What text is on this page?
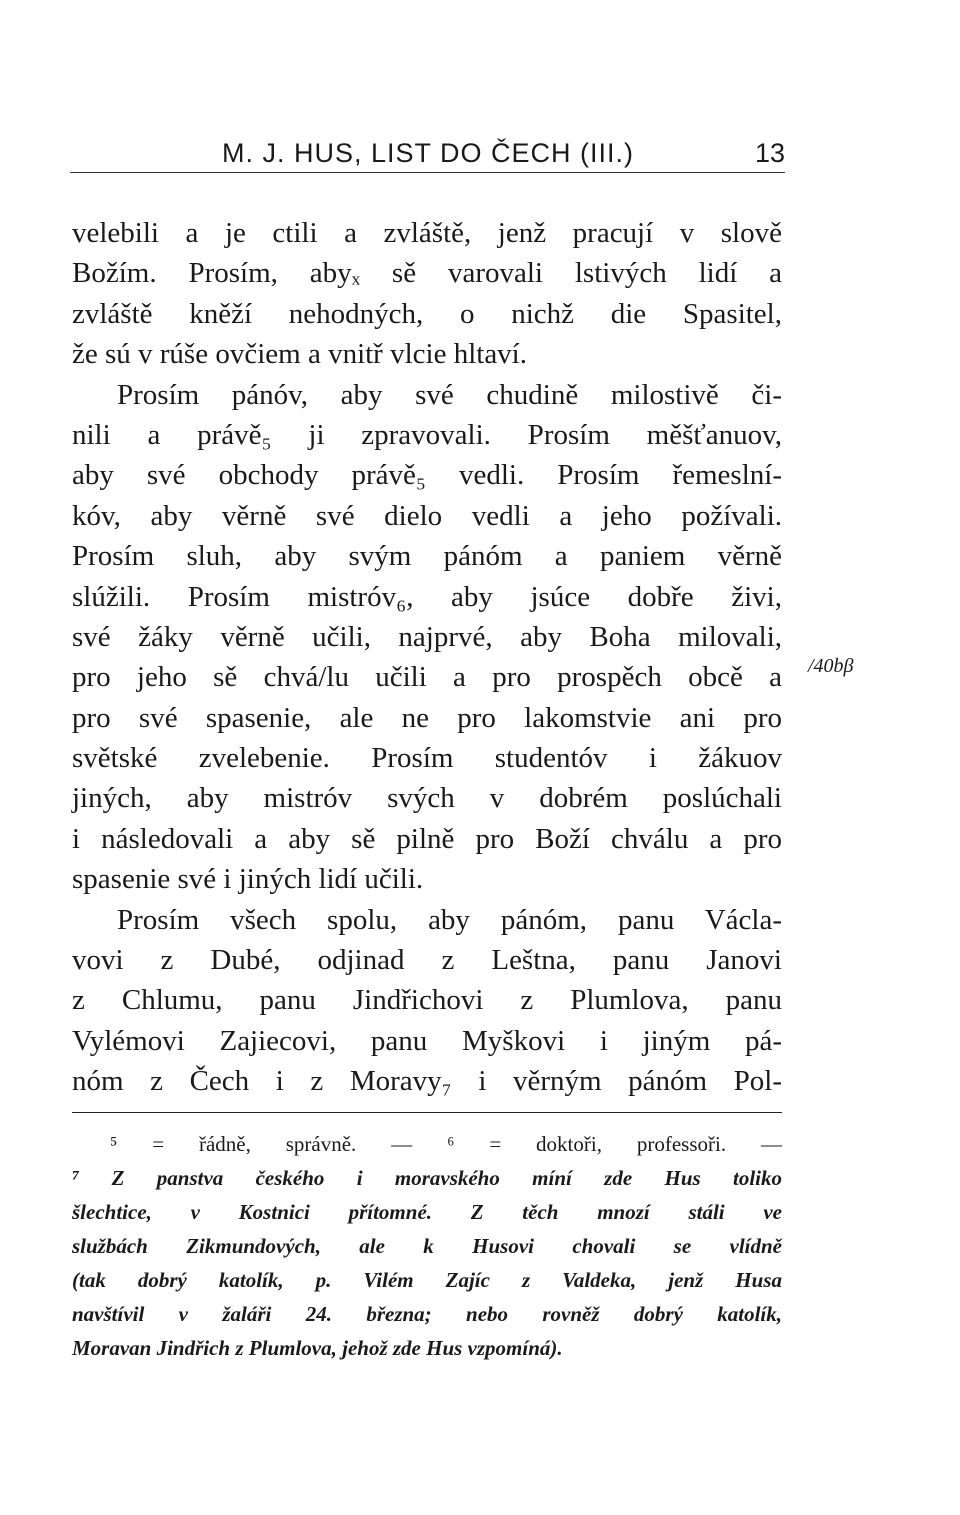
M. J. HUS, LIST DO ČECH (III.)	13
velebili a je ctili a zvláště, jenž pracují v slově
Božím. Prosím, abyₓ sě varovali lstivých lidí a
zvláště kněží nehodných, o nichž die Spasitel,
že sú v rúše ovčiem a vnitř vlcie hltaví.
Prosím pánóv, aby své chudině milostivě či-
nili a právě₅ ji zpravovali. Prosím měšťanuov,
aby své obchody právě₅ vedli. Prosím řemeslní-
kóv, aby věrně své dielo vedli a jeho požívali.
Prosím sluh, aby svým pánóm a paniem věrně
slúžili. Prosím mistróv₆, aby jsúce dobře živi,
své žáky věrně učili, najprvé, aby Boha milovali,
pro jeho sě chvá/lu učili a pro prospěch obcě a
pro své spasenie, ale ne pro lakomstvie ani pro
světské zvelebenie. Prosím studentóv i žákuov
jiných, aby mistróv svých v dobrém poslúchali
i následovali a aby sě pilně pro Boží chválu a pro
spasenie své i jiných lidí učili.
Prosím všech spolu, aby pánóm, panu Václa-
vovi z Dubé, odjinad z Leštna, panu Janovi
z Chlumu, panu Jindřichovi z Plumlova, panu
Vylémovi Zajiecovi, panu Myškovi i jiným pá-
nóm z Čech i z Moravy₇ i věrným pánóm Pol-
/40bβ
⁵ = řádně, správně. — ⁶ = doktoři, professoři. —
⁷ Z panstva českého i moravského míní zde Hus toliko
šlechtice, v Kostnici přítomné. Z těch mnozí stáli ve
službách Zikmundových, ale k Husovi chovali se vlídně
(tak dobrý katolík, p. Vilém Zajíc z Valdeka, jenž Husa
navštívil v žaláři 24. března; nebo rovněž dobrý katolík,
Moravan Jindřich z Plumlova, jehož zde Hus vzpomíná).
